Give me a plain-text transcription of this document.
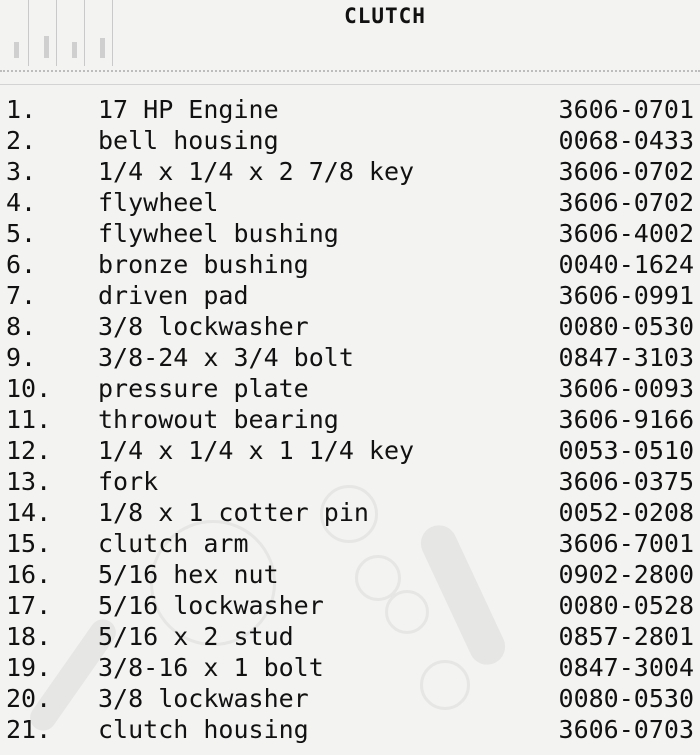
CLUTCH
1. 17 HP Engine	3606-0701
2. bell housing	0068-0433
3. 1/4 x 1/4 x 2 7/8 key	3606-0702
4. flywheel	3606-0702
5. flywheel bushing	3606-4002
6. bronze bushing	0040-1624
7. driven pad	3606-0991
8. 3/8 lockwasher	0080-0530
9. 3/8-24 x 3/4 bolt	0847-3103
10. pressure plate	3606-0093
11. throwout bearing	3606-9166
12. 1/4 x 1/4 x 1 1/4 key	0053-0510
13. fork	3606-0375
14. 1/8 x 1 cotter pin	0052-0208
15. clutch arm	3606-7001
16. 5/16 hex nut	0902-2800
17. 5/16 lockwasher	0080-0528
18. 5/16 x 2 stud	0857-2801
19. 3/8-16 x 1 bolt	0847-3004
20. 3/8 lockwasher	0080-0530
21. clutch housing	3606-0703
